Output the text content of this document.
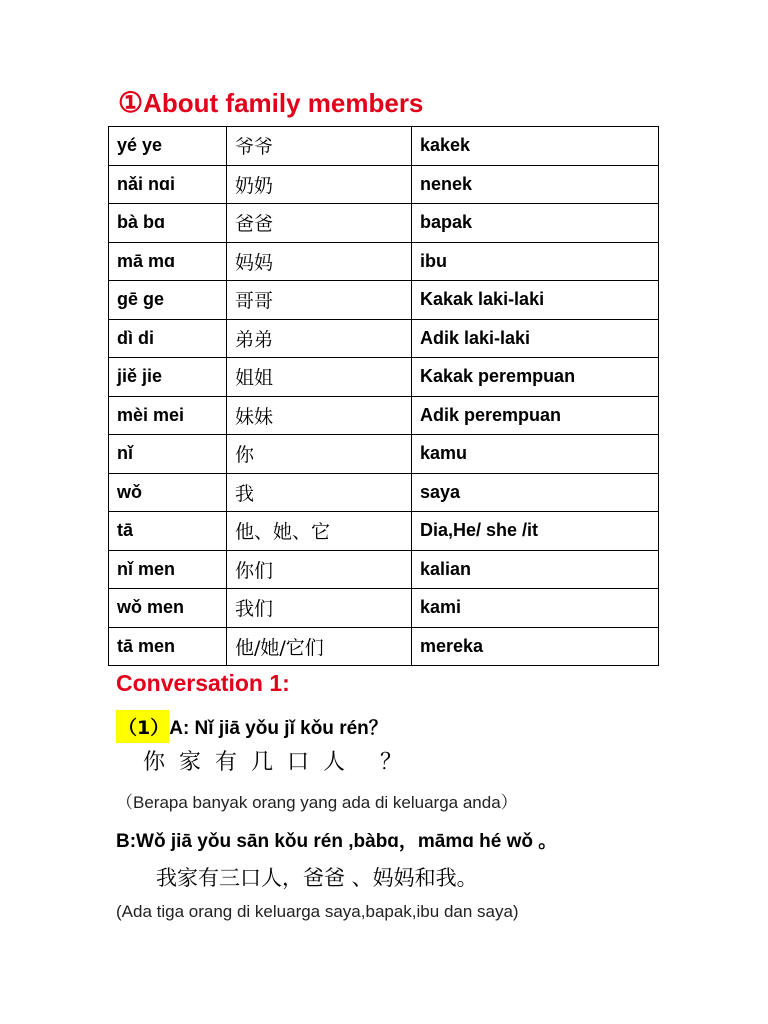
①About family members
yé ye	爷爷	kakek
nǎi nɑi	奶奶	nenek
bà bɑ	爸爸	bapak
mā mɑ	妈妈	ibu
gē ge	哥哥	Kakak laki-laki
dì di	弟弟	Adik laki-laki
jiě jie	姐姐	Kakak perempuan
mèi mei	妹妹	Adik perempuan
nǐ	你	kamu
wǒ	我	saya
tā	他、她、它	Dia,He/ she /it
nǐ men	你们	kalian
wǒ men	我们	kami
tā men	他/她/它们	mereka
Conversation 1:
（1） A: Nǐ jiā yǒu jǐ kǒu rén？
你家有几口人 ？
（Berapa banyak orang yang ada di keluarga anda）
B:Wǒ jiā yǒu sān kǒu rén ,bàbɑ，māmɑ hé wǒ 。
我家有三口人，爸爸 、妈妈和我。
(Ada tiga orang di keluarga saya,bapak,ibu dan saya)
